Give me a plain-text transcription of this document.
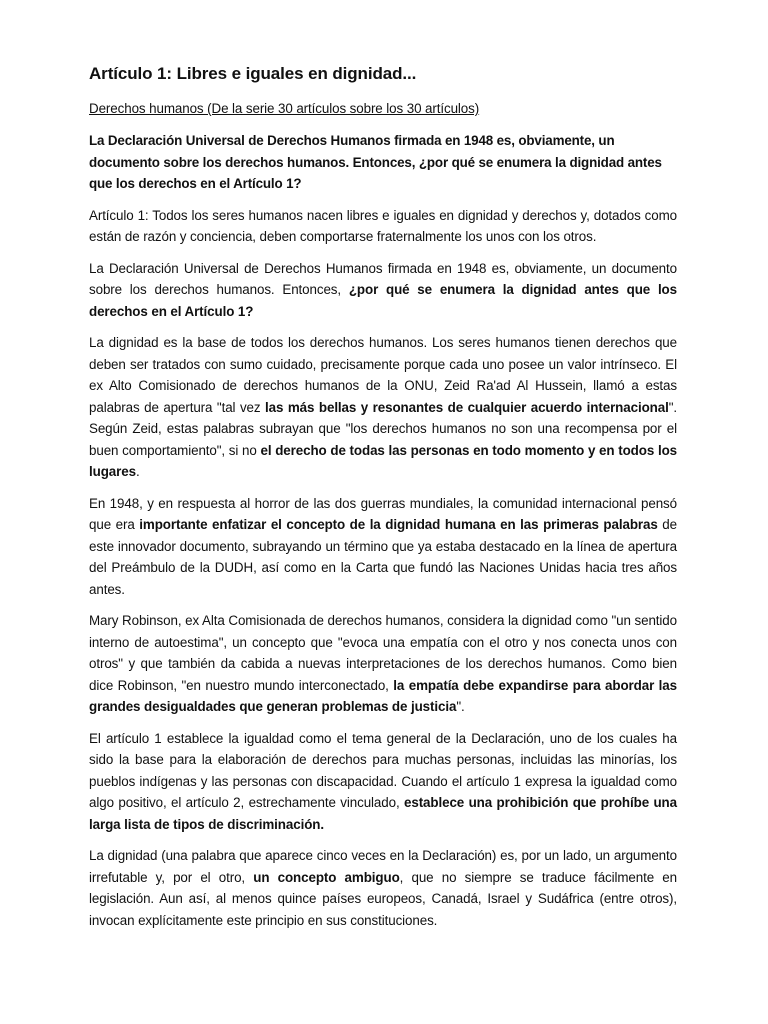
Artículo 1: Libres e iguales en dignidad...
Derechos humanos (De la serie 30 artículos sobre los 30 artículos)
La Declaración Universal de Derechos Humanos firmada en 1948 es, obviamente, un documento sobre los derechos humanos. Entonces, ¿por qué se enumera la dignidad antes que los derechos en el Artículo 1?

Artículo 1: Todos los seres humanos nacen libres e iguales en dignidad y derechos y, dotados como están de razón y conciencia, deben comportarse fraternalmente los unos con los otros.

La Declaración Universal de Derechos Humanos firmada en 1948 es, obviamente, un documento sobre los derechos humanos. Entonces, ¿por qué se enumera la dignidad antes que los derechos en el Artículo 1?

La dignidad es la base de todos los derechos humanos. Los seres humanos tienen derechos que deben ser tratados con sumo cuidado, precisamente porque cada uno posee un valor intrínseco. El ex Alto Comisionado de derechos humanos de la ONU, Zeid Ra'ad Al Hussein, llamó a estas palabras de apertura "tal vez las más bellas y resonantes de cualquier acuerdo internacional". Según Zeid, estas palabras subrayan que "los derechos humanos no son una recompensa por el buen comportamiento", si no el derecho de todas las personas en todo momento y en todos los lugares.

En 1948, y en respuesta al horror de las dos guerras mundiales, la comunidad internacional pensó que era importante enfatizar el concepto de la dignidad humana en las primeras palabras de este innovador documento, subrayando un término que ya estaba destacado en la línea de apertura del Preámbulo de la DUDH, así como en la Carta que fundó las Naciones Unidas hacia tres años antes.

Mary Robinson, ex Alta Comisionada de derechos humanos, considera la dignidad como "un sentido interno de autoestima", un concepto que "evoca una empatía con el otro y nos conecta unos con otros" y que también da cabida a nuevas interpretaciones de los derechos humanos. Como bien dice Robinson, "en nuestro mundo interconectado, la empatía debe expandirse para abordar las grandes desigualdades que generan problemas de justicia".

El artículo 1 establece la igualdad como el tema general de la Declaración, uno de los cuales ha sido la base para la elaboración de derechos para muchas personas, incluidas las minorías, los pueblos indígenas y las personas con discapacidad. Cuando el artículo 1 expresa la igualdad como algo positivo, el artículo 2, estrechamente vinculado, establece una prohibición que prohíbe una larga lista de tipos de discriminación.

La dignidad (una palabra que aparece cinco veces en la Declaración) es, por un lado, un argumento irrefutable y, por el otro, un concepto ambiguo, que no siempre se traduce fácilmente en legislación. Aun así, al menos quince países europeos, Canadá, Israel y Sudáfrica (entre otros), invocan explícitamente este principio en sus constituciones.
